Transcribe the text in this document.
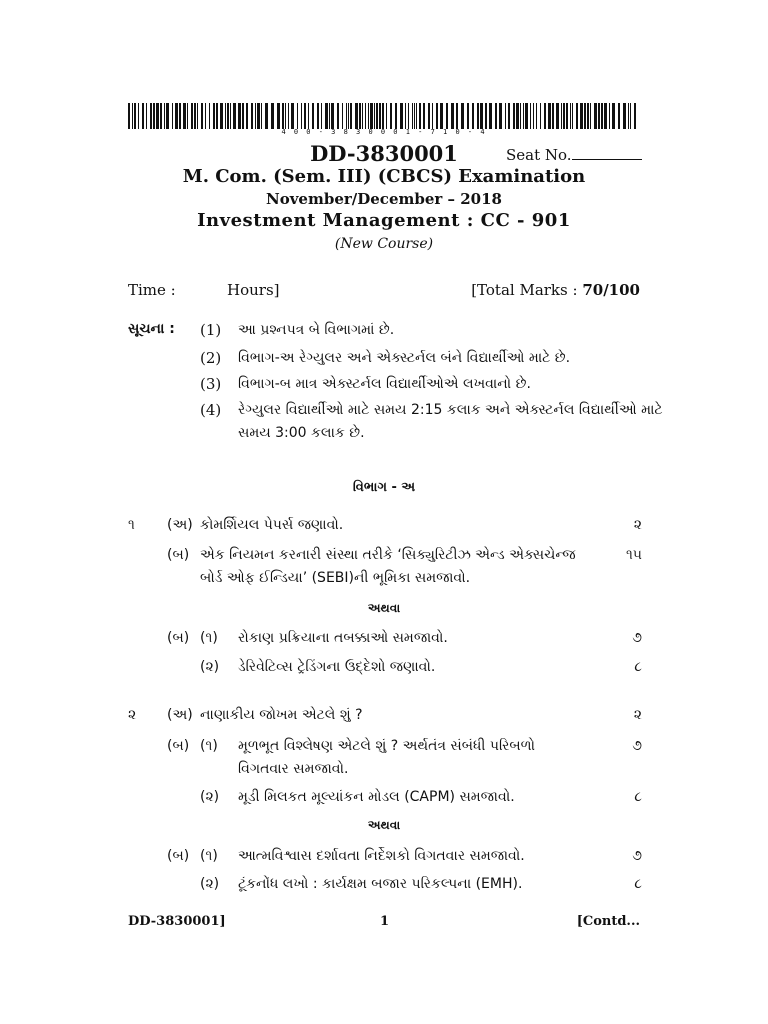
4 0 0 - 3 8 3 0 0 0 1 - 7 1 0 - 4
DD-3830001	Seat No.
M. Com. (Sem. III) (CBCS) Examination
November/December – 2018
Investment Management : CC - 901
(New Course)
Time :	Hours]	[Total Marks : 70/100
સૂચના : (1) આ પ્રશ્નપત્ર બે વિભાગમાં છે.
(2) વિભાગ-અ રેગ્યુલર અને એક્સ્ટર્નલ બંને વિદ્યાર્થીઓ માટે છે.
(3) વિભાગ-બ માત્ર એક્સ્ટર્નલ વિદ્યાર્થીઓએ લખવાનો છે.
(4) રેગ્યુલર વિદ્યાર્થીઓ માટે સમય 2:15 કલાક અને એક્સ્ટર્નલ વિદ્યાર્થીઓ માટે
સમય 3:00 કલાક છે.
વિભાગ - અ
૧ (અ) કોમર્શિયલ પેપર્સ જણાવો.	૨
(બ) એક નિયમન કરનારી સંસ્થા તરીકે ‘સિક્યુરિટીઝ એન્ડ એક્સચેન્જ	૧૫
બોર્ડ ઓફ ઈન્ડિયા’ (SEBI)ની ભૂમિકા સમજાવો.
અથવા
(બ) (૧) રોકાણ પ્રક્રિયાના તબક્કાઓ સમજાવો.	૭
(૨) ડેરિવેટિવ્સ ટ્રેડિંગના ઉદ્દેશો જણાવો.	૮
૨ (અ) નાણાકીય જોખમ એટલે શું ?	૨
(બ) (૧) મૂળભૂત વિશ્લેષણ એટલે શું ? અર્થતંત્ર સંબંધી પરિબળો	૭
વિગતવાર સમજાવો.
(૨) મૂડી મિલકત મૂલ્યાંકન મોડલ (CAPM) સમજાવો.	૮
અથવા
(બ) (૧) આત્મવિશ્વાસ દર્શાવતા નિર્દેશકો વિગતવાર સમજાવો.	૭
(૨) ટૂંકનોંધ લખો : કાર્યક્ષમ બજાર પરિકલ્પના (EMH).	૮
DD-3830001]	1	[Contd...
